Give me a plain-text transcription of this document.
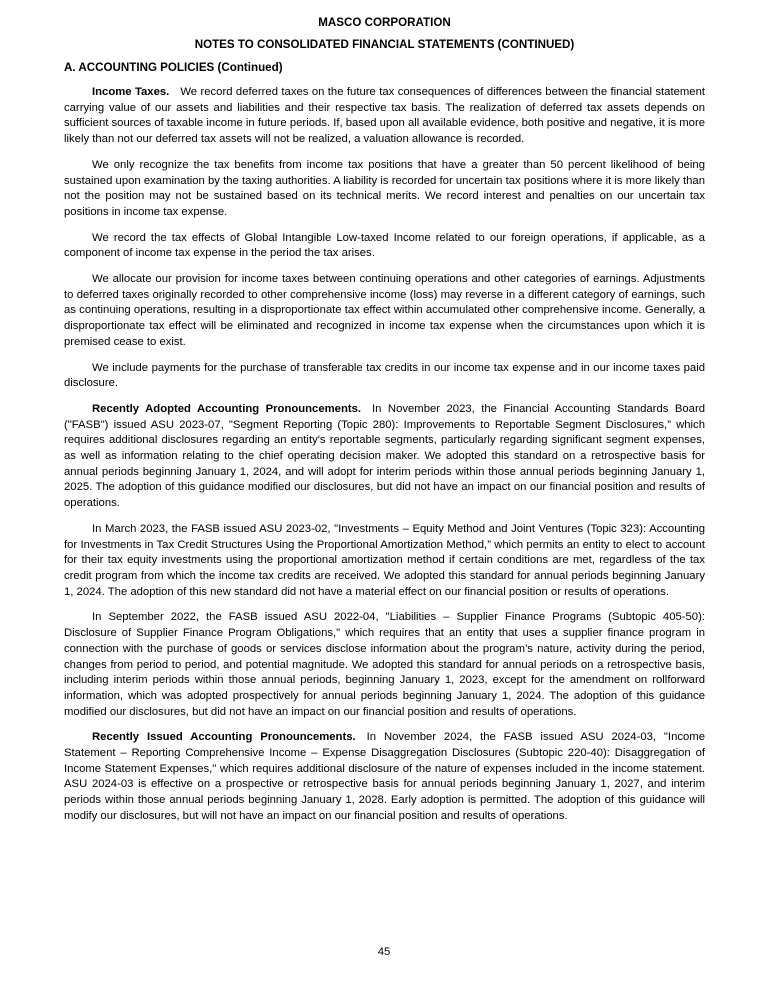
MASCO CORPORATION
NOTES TO CONSOLIDATED FINANCIAL STATEMENTS (CONTINUED)
A. ACCOUNTING POLICIES (Continued)

Income Taxes. We record deferred taxes on the future tax consequences of differences between the financial statement carrying value of our assets and liabilities and their respective tax basis. The realization of deferred tax assets depends on sufficient sources of taxable income in future periods. If, based upon all available evidence, both positive and negative, it is more likely than not our deferred tax assets will not be realized, a valuation allowance is recorded.

We only recognize the tax benefits from income tax positions that have a greater than 50 percent likelihood of being sustained upon examination by the taxing authorities. A liability is recorded for uncertain tax positions where it is more likely than not the position may not be sustained based on its technical merits. We record interest and penalties on our uncertain tax positions in income tax expense.

We record the tax effects of Global Intangible Low-taxed Income related to our foreign operations, if applicable, as a component of income tax expense in the period the tax arises.

We allocate our provision for income taxes between continuing operations and other categories of earnings. Adjustments to deferred taxes originally recorded to other comprehensive income (loss) may reverse in a different category of earnings, such as continuing operations, resulting in a disproportionate tax effect within accumulated other comprehensive income. Generally, a disproportionate tax effect will be eliminated and recognized in income tax expense when the circumstances upon which it is premised cease to exist.

We include payments for the purchase of transferable tax credits in our income tax expense and in our income taxes paid disclosure.

Recently Adopted Accounting Pronouncements. In November 2023, the Financial Accounting Standards Board ("FASB") issued ASU 2023-07, "Segment Reporting (Topic 280): Improvements to Reportable Segment Disclosures,” which requires additional disclosures regarding an entity's reportable segments, particularly regarding significant segment expenses, as well as information relating to the chief operating decision maker. We adopted this standard on a retrospective basis for annual periods beginning January 1, 2024, and will adopt for interim periods within those annual periods beginning January 1, 2025. The adoption of this guidance modified our disclosures, but did not have an impact on our financial position and results of operations.

In March 2023, the FASB issued ASU 2023-02, "Investments – Equity Method and Joint Ventures (Topic 323): Accounting for Investments in Tax Credit Structures Using the Proportional Amortization Method,” which permits an entity to elect to account for their tax equity investments using the proportional amortization method if certain conditions are met, regardless of the tax credit program from which the income tax credits are received. We adopted this standard for annual periods beginning January 1, 2024. The adoption of this new standard did not have a material effect on our financial position or results of operations.

In September 2022, the FASB issued ASU 2022-04, "Liabilities – Supplier Finance Programs (Subtopic 405-50): Disclosure of Supplier Finance Program Obligations," which requires that an entity that uses a supplier finance program in connection with the purchase of goods or services disclose information about the program’s nature, activity during the period, changes from period to period, and potential magnitude. We adopted this standard for annual periods on a retrospective basis, including interim periods within those annual periods, beginning January 1, 2023, except for the amendment on rollforward information, which was adopted prospectively for annual periods beginning January 1, 2024. The adoption of this guidance modified our disclosures, but did not have an impact on our financial position and results of operations.

Recently Issued Accounting Pronouncements. In November 2024, the FASB issued ASU 2024-03, "Income Statement – Reporting Comprehensive Income – Expense Disaggregation Disclosures (Subtopic 220-40): Disaggregation of Income Statement Expenses," which requires additional disclosure of the nature of expenses included in the income statement. ASU 2024-03 is effective on a prospective or retrospective basis for annual periods beginning January 1, 2027, and interim periods within those annual periods beginning January 1, 2028. Early adoption is permitted. The adoption of this guidance will modify our disclosures, but will not have an impact on our financial position and results of operations.

45
